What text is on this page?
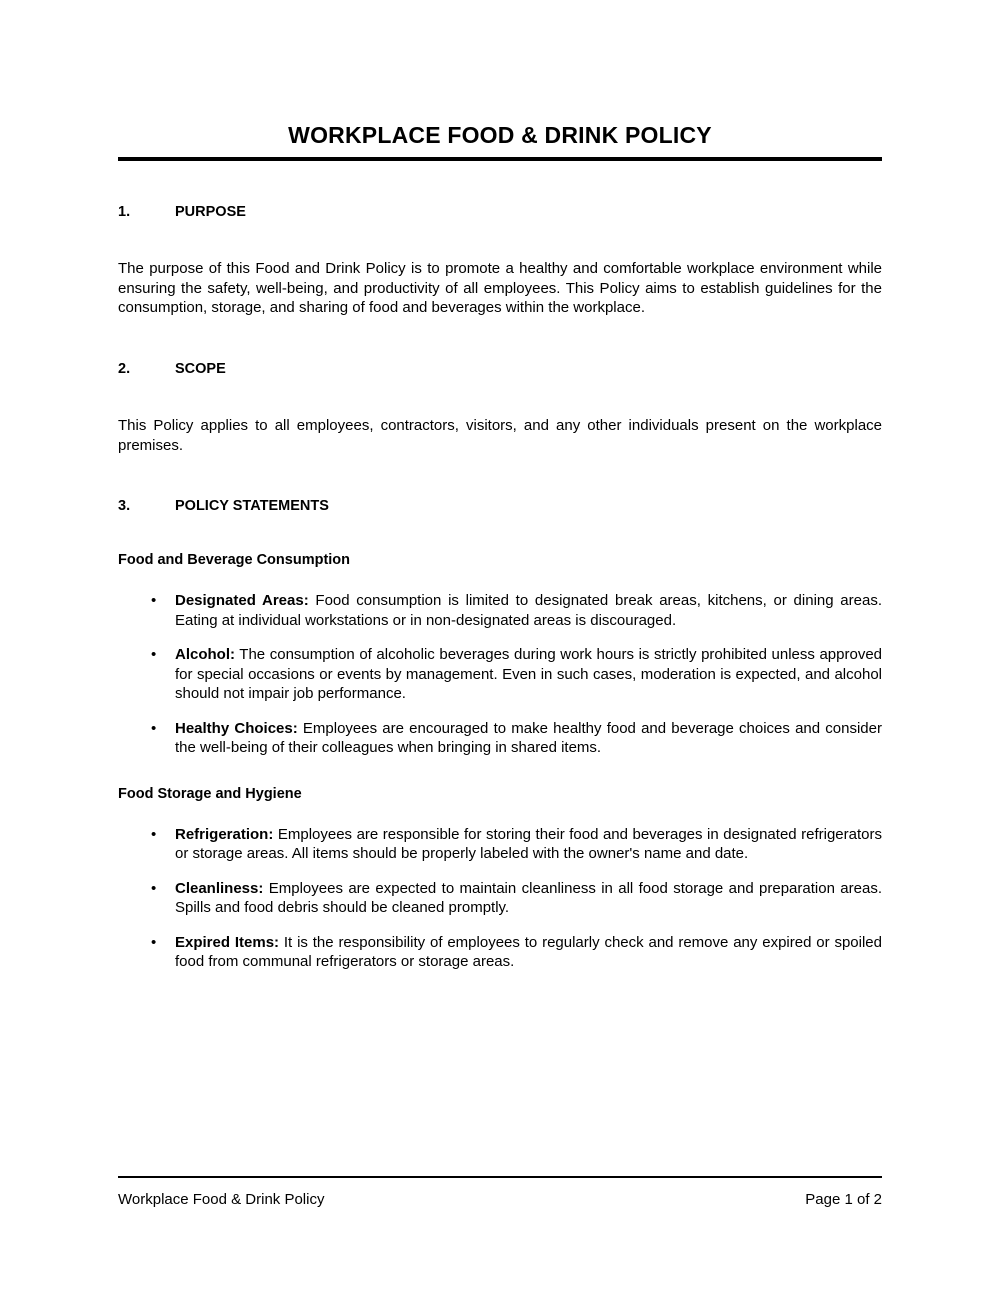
WORKPLACE FOOD & DRINK POLICY
1.	PURPOSE

The purpose of this Food and Drink Policy is to promote a healthy and comfortable workplace environment while ensuring the safety, well-being, and productivity of all employees. This Policy aims to establish guidelines for the consumption, storage, and sharing of food and beverages within the workplace.

2.	SCOPE

This Policy applies to all employees, contractors, visitors, and any other individuals present on the workplace premises.

3.	POLICY STATEMENTS
Food and Beverage Consumption
• Designated Areas: Food consumption is limited to designated break areas, kitchens, or dining areas. Eating at individual workstations or in non-designated areas is discouraged.
• Alcohol: The consumption of alcoholic beverages during work hours is strictly prohibited unless approved for special occasions or events by management. Even in such cases, moderation is expected, and alcohol should not impair job performance.
• Healthy Choices: Employees are encouraged to make healthy food and beverage choices and consider the well-being of their colleagues when bringing in shared items.
Food Storage and Hygiene
• Refrigeration: Employees are responsible for storing their food and beverages in designated refrigerators or storage areas. All items should be properly labeled with the owner's name and date.
• Cleanliness: Employees are expected to maintain cleanliness in all food storage and preparation areas. Spills and food debris should be cleaned promptly.
• Expired Items: It is the responsibility of employees to regularly check and remove any expired or spoiled food from communal refrigerators or storage areas.
Workplace Food & Drink Policy	Page 1 of 2
